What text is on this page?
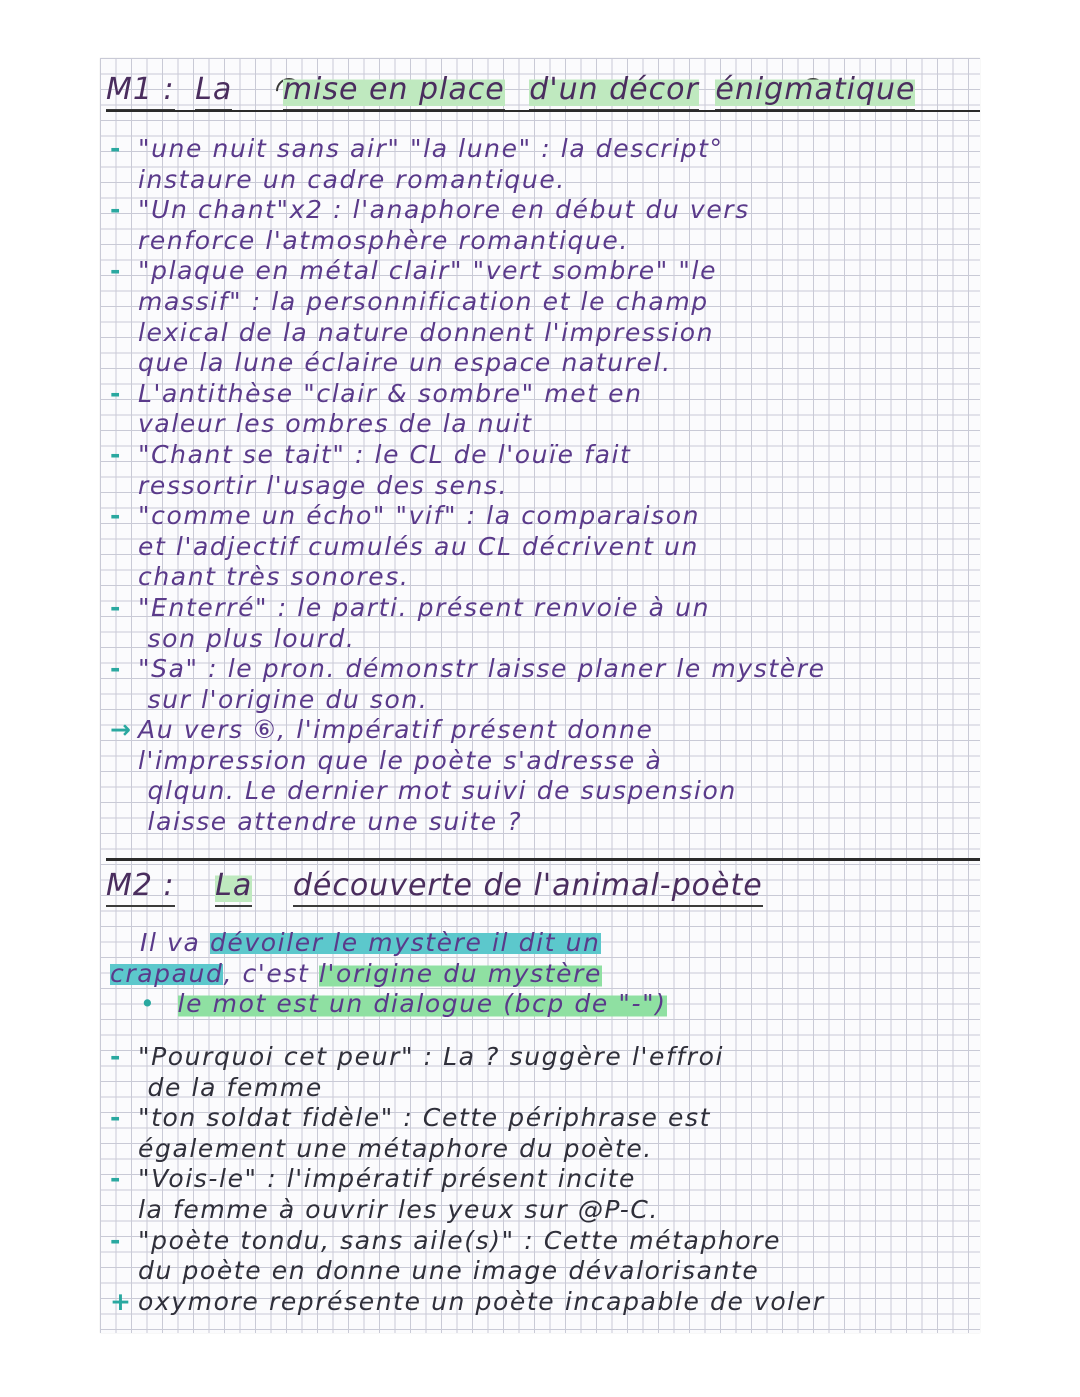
M1 : La mise en place d'un décor énigmatique
- "une nuit sans air" "la lune" : la descript°
instaure un cadre romantique.
- "Un chant"x2 : l'anaphore en début du vers
renforce l'atmosphère romantique.
- "plaque en métal clair" "vert sombre" "le
massif" : la personnification et le champ
lexical de la nature donnent l'impression
que la lune éclaire un espace naturel.
- L'antithèse "clair & sombre" met en
valeur les ombres de la nuit
- "Chant se tait" : le CL de l'ouïe fait
ressortir l'usage des sens.
- "comme un écho" "vif" : la comparaison
et l'adjectif cumulés au CL décrivent un
chant très sonores.
- "Enterré" : le parti. présent renvoie à un
son plus lourd.
- "Sa" : le pron. démonstr laisse planer le mystère
sur l'origine du son.
→ Au vers ⑥, l'impératif présent donne
l'impression que le poète s'adresse à
qlqun. Le dernier mot suivi de suspension
laisse attendre une suite ?
M2 : La découverte de l'animal-poète
Il va dévoiler le mystère il dit un
crapaud, c'est l'origine du mystère
• le mot est un dialogue (bcp de "-")
- "Pourquoi cet peur" : La ? suggère l'effroi
de la femme
- "ton soldat fidèle" : Cette périphrase est
également une métaphore du poète.
- "Vois-le" : l'impératif présent incite
la femme à ouvrir les yeux sur @P-C.
- "poète tondu, sans aile(s)" : Cette métaphore
du poète en donne une image dévalorisante
+ oxymore représente un poète incapable de voler
